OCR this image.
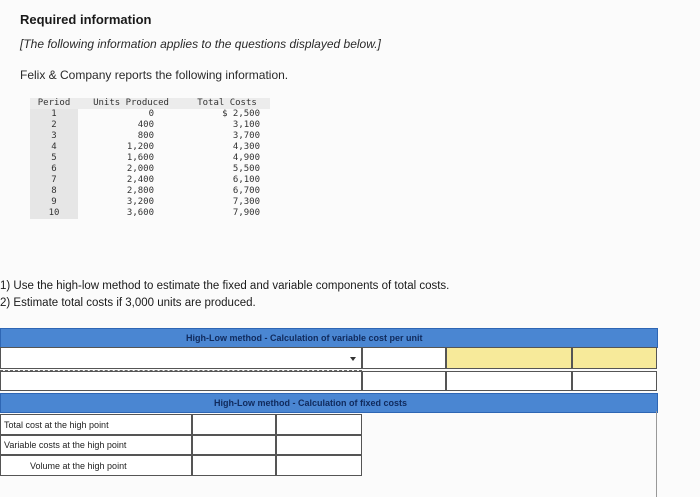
Required information
[The following information applies to the questions displayed below.]
Felix & Company reports the following information.
Period	Units Produced	Total Costs
1	0	$ 2,500
2	400	3,100
3	800	3,700
4	1,200	4,300
5	1,600	4,900
6	2,000	5,500
7	2,400	6,100
8	2,800	6,700
9	3,200	7,300
10	3,600	7,900
1) Use the high-low method to estimate the fixed and variable components of total costs.
2) Estimate total costs if 3,000 units are produced.
High-Low method - Calculation of variable cost per unit
High-Low method - Calculation of fixed costs
Total cost at the high point
Variable costs at the high point
Volume at the high point
